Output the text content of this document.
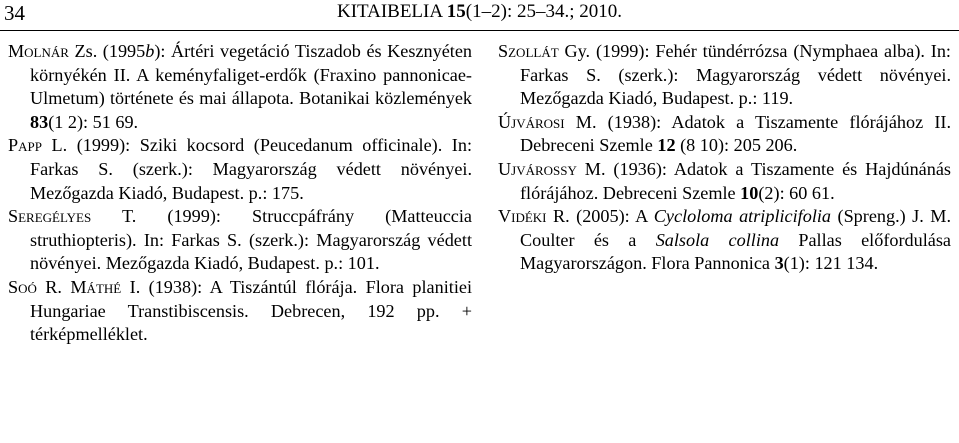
34	KITAIBELIA 15(1–2): 25–34.; 2010.

Molnár Zs. (1995b): Ártéri vegetáció Tiszadob és Kesznyéten környékén II. A keményfaliget-erdők (Fraxino pannonicae-Ulmetum) története és mai állapota. Botanikai közlemények 83(1 2): 51 69.

Papp L. (1999): Sziki kocsord (Peucedanum officinale). In: Farkas S. (szerk.): Magyarország védett növényei. Mezőgazda Kiadó, Budapest. p.: 175.

Seregélyes T. (1999): Struccpáfrány (Matteuccia struthiopteris). In: Farkas S. (szerk.): Magyarország védett növényei. Mezőgazda Kiadó, Budapest. p.: 101.

Soó R. Máthé I. (1938): A Tiszántúl flórája. Flora planitiei Hungariae Transtibiscensis. Debrecen, 192 pp. + térképmelléklet.

Szollát Gy. (1999): Fehér tündérrózsa (Nymphaea alba). In: Farkas S. (szerk.): Magyarország védett növényei. Mezőgazda Kiadó, Budapest. p.: 119.

Újvárosi M. (1938): Adatok a Tiszamente flórájához II. Debreceni Szemle 12 (8 10): 205 206.

Ujvárossy M. (1936): Adatok a Tiszamente és Hajdúnánás flórájához. Debreceni Szemle 10(2): 60 61.

Vidéki R. (2005): A Cycloloma atriplicifolia (Spreng.) J. M. Coulter és a Salsola collina Pallas előfordulása Magyarországon. Flora Pannonica 3(1): 121 134.
